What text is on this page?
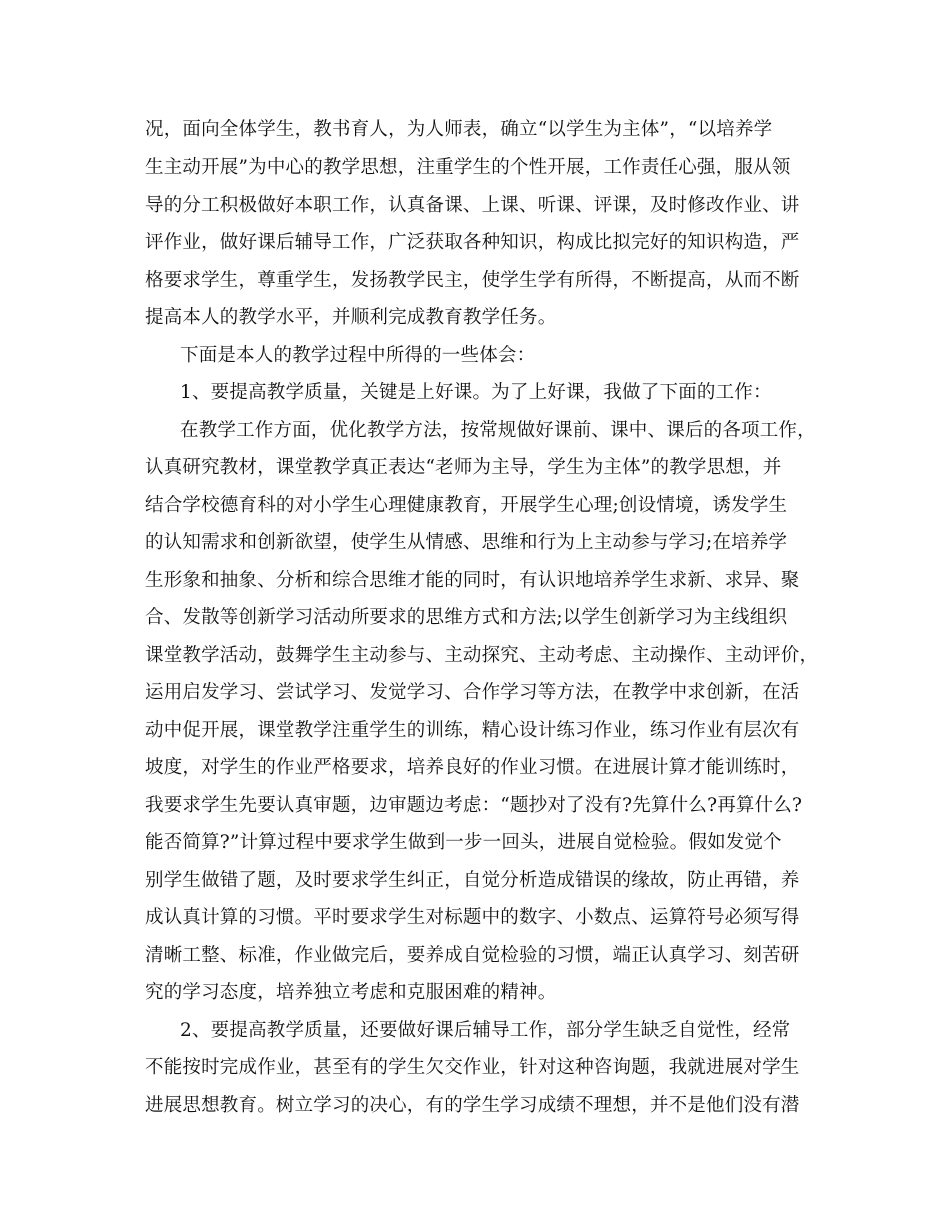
况，面向全体学生，教书育人，为人师表，确立“以学生为主体”，“以培养学
生主动开展”为中心的教学思想，注重学生的个性开展，工作责任心强，服从领
导的分工积极做好本职工作，认真备课、上课、听课、评课，及时修改作业、讲
评作业，做好课后辅导工作，广泛获取各种知识，构成比拟完好的知识构造，严
格要求学生，尊重学生，发扬教学民主，使学生学有所得，不断提高，从而不断
提高本人的教学水平，并顺利完成教育教学任务。
下面是本人的教学过程中所得的一些体会：
1、要提高教学质量，关键是上好课。为了上好课，我做了下面的工作：
在教学工作方面，优化教学方法，按常规做好课前、课中、课后的各项工作，
认真研究教材，课堂教学真正表达“老师为主导，学生为主体”的教学思想，并
结合学校德育科的对小学生心理健康教育，开展学生心理;创设情境，诱发学生
的认知需求和创新欲望，使学生从情感、思维和行为上主动参与学习;在培养学
生形象和抽象、分析和综合思维才能的同时，有认识地培养学生求新、求异、聚
合、发散等创新学习活动所要求的思维方式和方法;以学生创新学习为主线组织
课堂教学活动，鼓舞学生主动参与、主动探究、主动考虑、主动操作、主动评价，
运用启发学习、尝试学习、发觉学习、合作学习等方法，在教学中求创新，在活
动中促开展，课堂教学注重学生的训练，精心设计练习作业，练习作业有层次有
坡度，对学生的作业严格要求，培养良好的作业习惯。在进展计算才能训练时，
我要求学生先要认真审题，边审题边考虑：“题抄对了没有?先算什么?再算什么?
能否简算?”计算过程中要求学生做到一步一回头，进展自觉检验。假如发觉个
别学生做错了题，及时要求学生纠正，自觉分析造成错误的缘故，防止再错，养
成认真计算的习惯。平时要求学生对标题中的数字、小数点、运算符号必须写得
清晰工整、标准，作业做完后，要养成自觉检验的习惯，端正认真学习、刻苦研
究的学习态度，培养独立考虑和克服困难的精神。
2、要提高教学质量，还要做好课后辅导工作，部分学生缺乏自觉性，经常
不能按时完成作业，甚至有的学生欠交作业，针对这种咨询题，我就进展对学生
进展思想教育。树立学习的决心，有的学生学习成绩不理想，并不是他们没有潜
